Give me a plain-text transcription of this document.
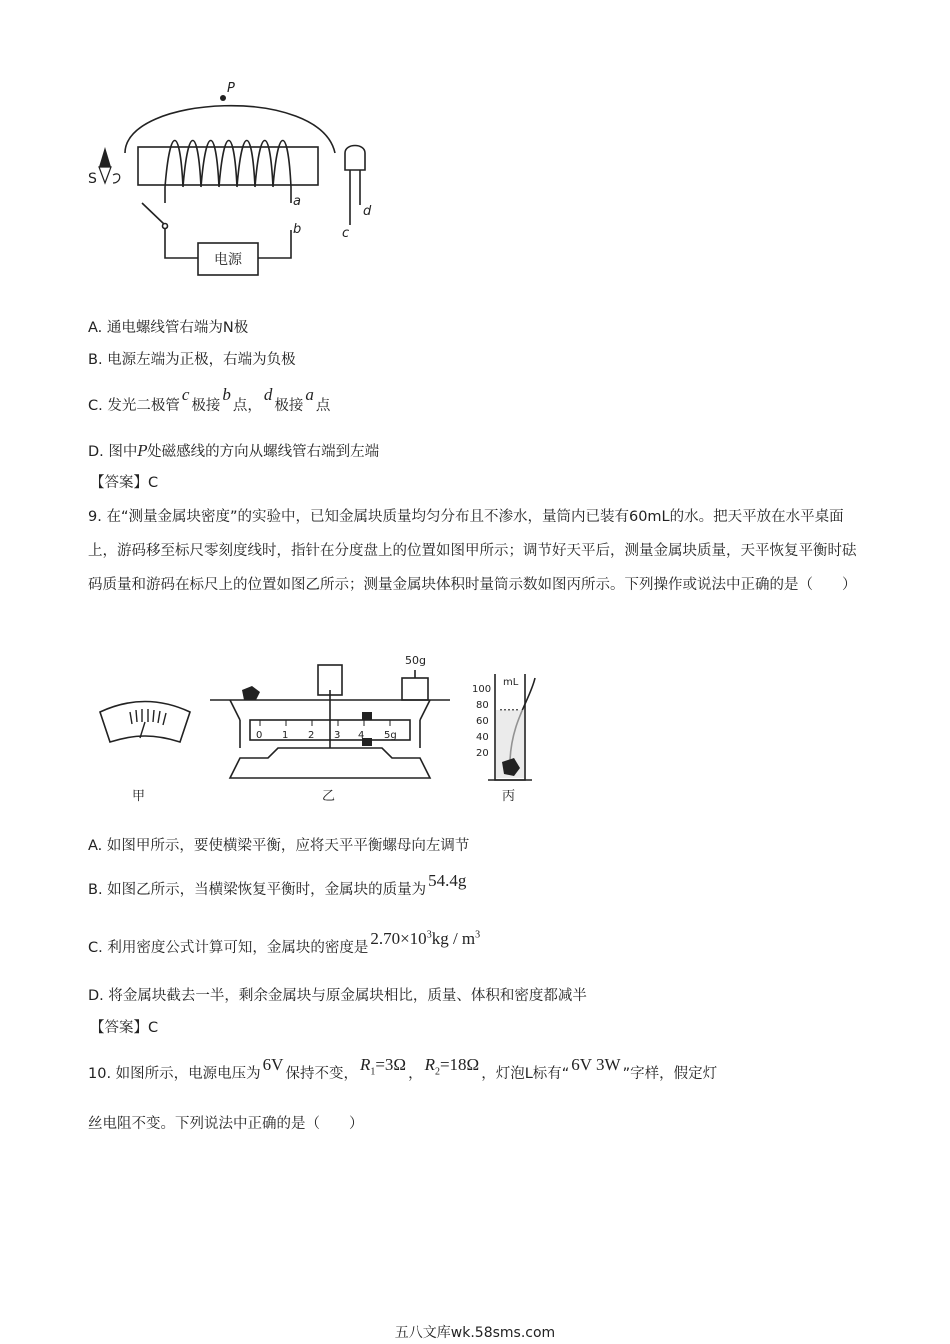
P
a
b	c
d
S
电源
A. 通电螺线管右端为N极
B. 电源左端为正极，右端为负极
C. 发光二极管c极接b点，d极接a点
D. 图中P处磁感线的方向从螺线管右端到左端
【答案】C
9. 在“测量金属块密度”的实验中，已知金属块质量均匀分布且不渗水，量筒内已装有60mL的水。把天平放在水平桌面上，游码移至标尺零刻度线时，指针在分度盘上的位置如图甲所示；调节好天平后，测量金属块质量，天平恢复平衡时砝码质量和游码在标尺上的位置如图乙所示；测量金属块体积时量筒示数如图丙所示。下列操作或说法中正确的是（　　）
0 1 2 3 4 5g
50g
mL
100
80
60
40
20
甲	乙	丙
A. 如图甲所示，要使横梁平衡，应将天平平衡螺母向左调节
B. 如图乙所示，当横梁恢复平衡时，金属块的质量为 54.4g
C. 利用密度公式计算可知，金属块的密度是 $2.70\times 10^3kg / m^3$
D. 将金属块截去一半，剩余金属块与原金属块相比，质量、体积和密度都减半
【答案】C
10. 如图所示，电源电压为 6V 保持不变， $R_1=3\Omega$ ， $R_2=18\Omega$ ，灯泡L标有“ 6V 3W ”字样，假定灯
丝电阻不变。下列说法中正确的是（　　）
五八文库wk.58sms.com
